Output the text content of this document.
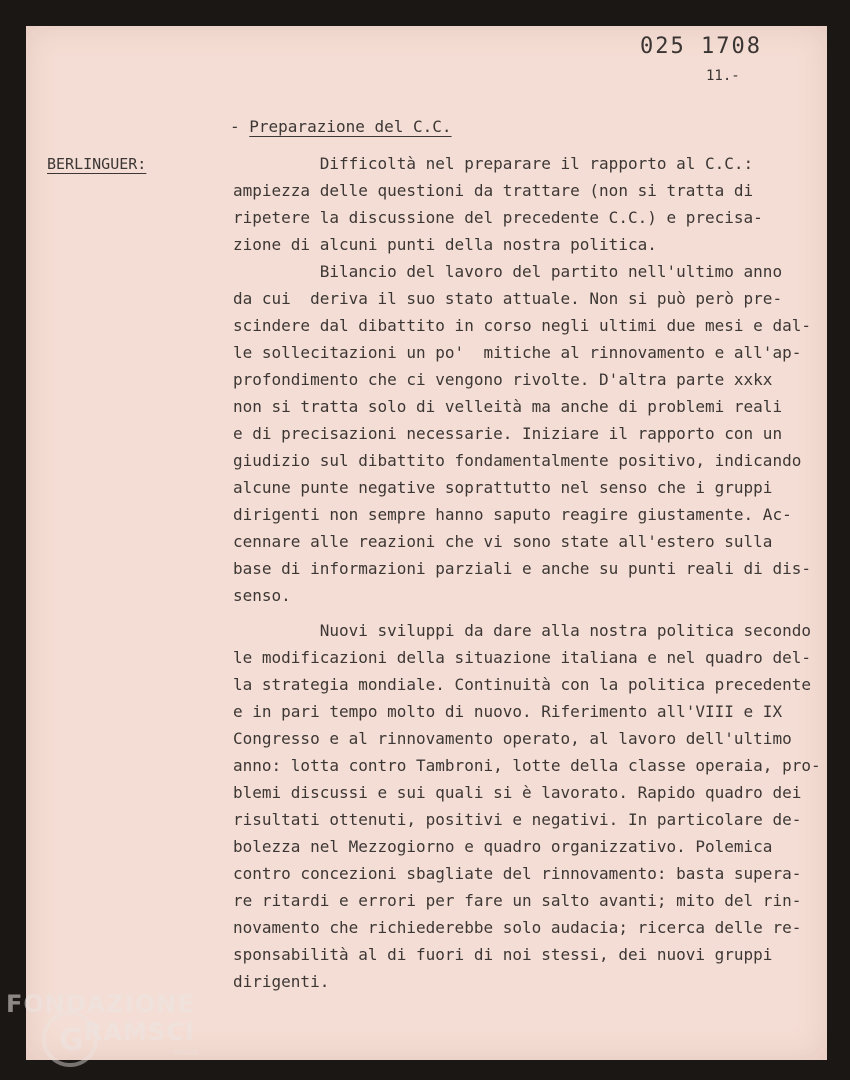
025 1708
11.-
- Preparazione del C.C.
BERLINGUER:	Difficoltà nel preparare il rapporto al C.C.:
ampiezza delle questioni da trattare (non si tratta di
ripetere la discussione del precedente C.C.) e precisa-
zione di alcuni punti della nostra politica.
Bilancio del lavoro del partito nell'ultimo anno
da cui  deriva il suo stato attuale. Non si può però pre-
scindere dal dibattito in corso negli ultimi due mesi e dal-
le sollecitazioni un po'  mitiche al rinnovamento e all'ap-
profondimento che ci vengono rivolte. D'altra parte xxkx
non si tratta solo di velleità ma anche di problemi reali
e di precisazioni necessarie. Iniziare il rapporto con un
giudizio sul dibattito fondamentalmente positivo, indicando
alcune punte negative soprattutto nel senso che i gruppi
dirigenti non sempre hanno saputo reagire giustamente. Ac-
cennare alle reazioni che vi sono state all'estero sulla
base di informazioni parziali e anche su punti reali di dis-
senso.
Nuovi sviluppi da dare alla nostra politica secondo
le modificazioni della situazione italiana e nel quadro del-
la strategia mondiale. Continuità con la politica precedente
e in pari tempo molto di nuovo. Riferimento all'VIII e IX
Congresso e al rinnovamento operato, al lavoro dell'ultimo
anno: lotta contro Tambroni, lotte della classe operaia, pro-
blemi discussi e sui quali si è lavorato. Rapido quadro dei
risultati ottenuti, positivi e negativi. In particolare de-
bolezza nel Mezzogiorno e quadro organizzativo. Polemica
contro concezioni sbagliate del rinnovamento: basta supera-
re ritardi e errori per fare un salto avanti; mito del rin-
novamento che richiederebbe solo audacia; ricerca delle re-
sponsabilità al di fuori di noi stessi, dei nuovi gruppi
dirigenti.
FONDAZIONE
G RAMSCI
onlus
